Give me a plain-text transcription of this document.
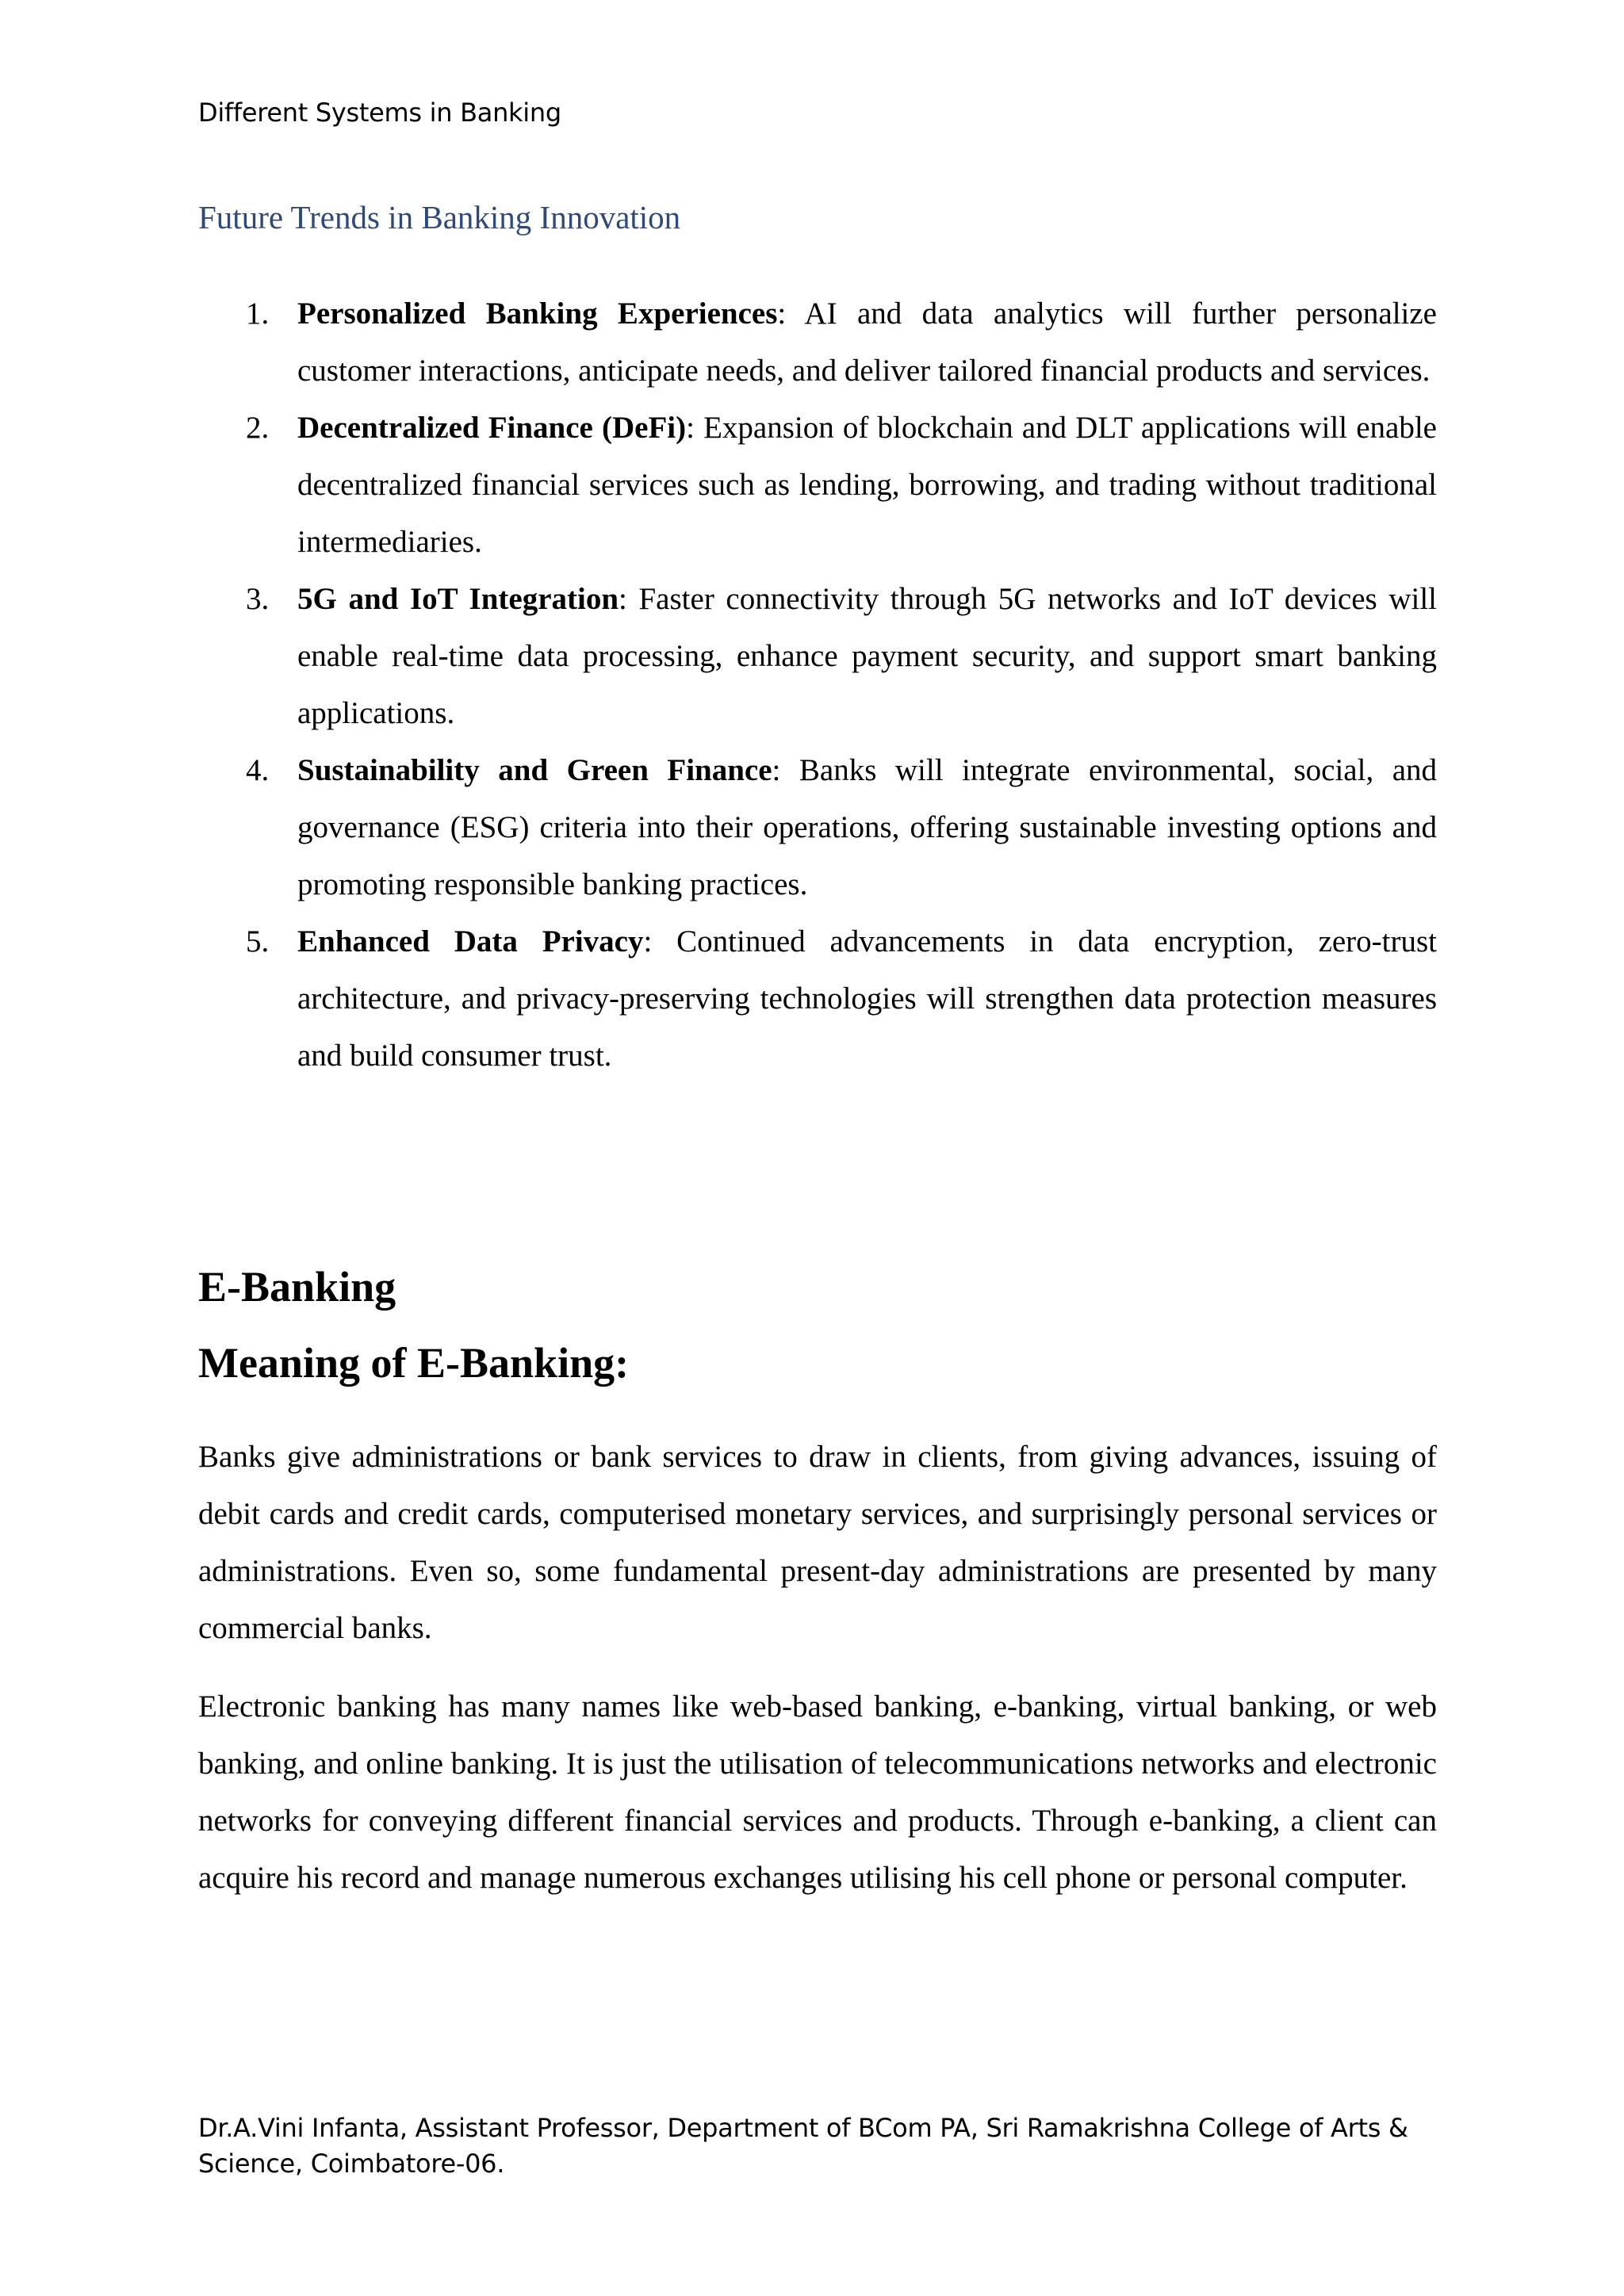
Different Systems in Banking
Future Trends in Banking Innovation
1. Personalized Banking Experiences: AI and data analytics will further personalize customer interactions, anticipate needs, and deliver tailored financial products and services.
2. Decentralized Finance (DeFi): Expansion of blockchain and DLT applications will enable decentralized financial services such as lending, borrowing, and trading without traditional intermediaries.
3. 5G and IoT Integration: Faster connectivity through 5G networks and IoT devices will enable real-time data processing, enhance payment security, and support smart banking applications.
4. Sustainability and Green Finance: Banks will integrate environmental, social, and governance (ESG) criteria into their operations, offering sustainable investing options and promoting responsible banking practices.
5. Enhanced Data Privacy: Continued advancements in data encryption, zero-trust architecture, and privacy-preserving technologies will strengthen data protection measures and build consumer trust.
E-Banking
Meaning of E-Banking:

Banks give administrations or bank services to draw in clients, from giving advances, issuing of debit cards and credit cards, computerised monetary services, and surprisingly personal services or administrations. Even so, some fundamental present-day administrations are presented by many commercial banks.

Electronic banking has many names like web-based banking, e-banking, virtual banking, or web banking, and online banking. It is just the utilisation of telecommunications networks and electronic networks for conveying different financial services and products. Through e-banking, a client can acquire his record and manage numerous exchanges utilising his cell phone or personal computer.

Dr.A.Vini Infanta, Assistant Professor, Department of BCom PA, Sri Ramakrishna College of Arts & Science, Coimbatore-06.
